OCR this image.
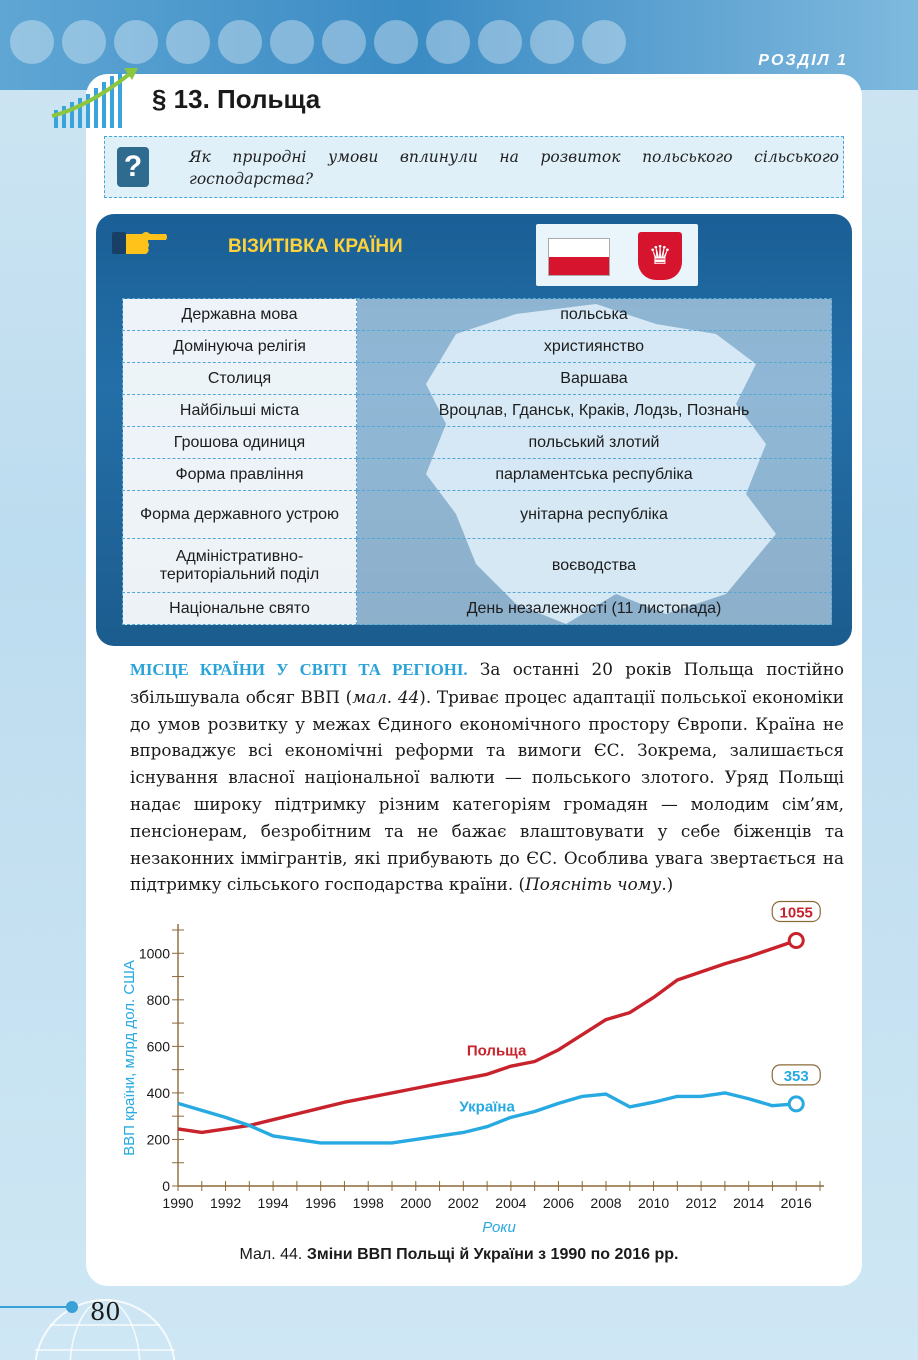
РОЗДІЛ 1
§ 13. Польща
?	Як природні умови вплинули на розвиток польського сільського господарства?
ВІЗИТІВКА КРАЇНИ	♛
Державна мова	польська
Домінуюча релігія	християнство
Столиця	Варшава
Найбільші міста	Вроцлав, Гданськ, Краків, Лодзь, Познань
Грошова одиниця	польський злотий
Форма правління	парламентська республіка
Форма державного устрою	унітарна республіка
Адміністративно-територіальний поділ	воєводства
Національне свято	День незалежності (11 листопада)
МІСЦЕ КРАЇНИ У СВІТІ ТА РЕГІОНІ. За останні 20 років Польща постійно збільшувала обсяг ВВП (мал. 44). Триває процес адаптації польської економіки до умов розвитку у межах Єдиного економічного простору Європи. Країна не впроваджує всі економічні реформи та вимоги ЄС. Зокрема, залишається існування власної національної валюти — польського злотого. Уряд Польщі надає широку підтримку різним категоріям громадян — молодим сім’ям, пенсіонерам, безробітним та не бажає влаштовувати у себе біженців та незаконних іммігрантів, які прибувають до ЄС. Особлива увага звертається на підтримку сільського господарства країни. (Поясніть чому.)
0
200
400
600
800
1000
1990 1992 1994 1996 1998 2000 2002 2004 2006 2008 2010 2012 2014 2016
Роки
ВВП країни, млрд дол. США
1055
Польща
353
Україна
Мал. 44. Зміни ВВП Польщі й України з 1990 по 2016 рр.
80
